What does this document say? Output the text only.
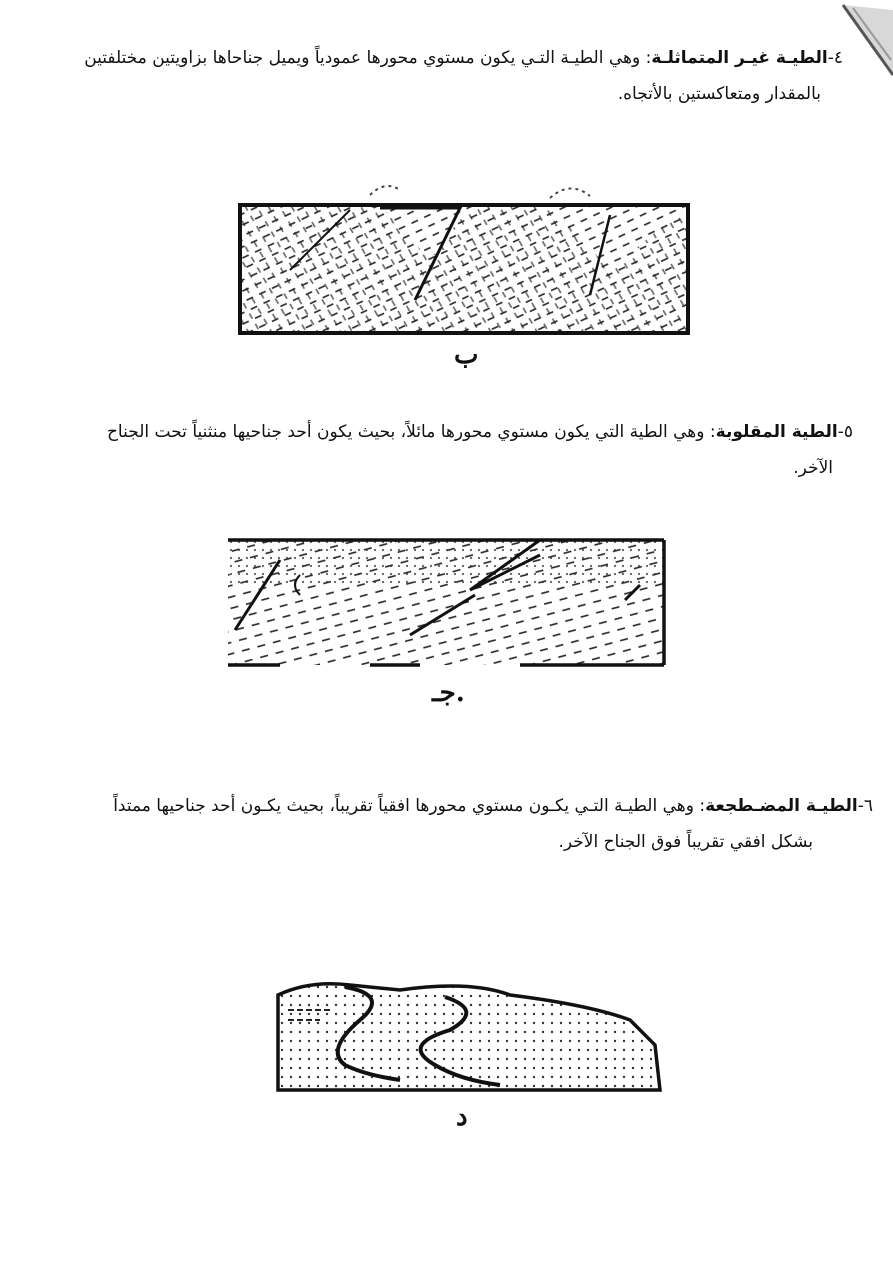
٤-الطيـة غيـر المتماثلـة: وهي الطيـة التـي يكون مستوي محورها عمودياً ويميل جناحاها بزاويتين مختلفتين
بالمقدار ومتعاكستين بالأتجاه.
ب
٥-الطية المقلوبة: وهي الطية التي يكون مستوي محورها مائلاً، بحيث يكون أحد جناحيها منثنياً تحت الجناح
الآخر.
جـ.
٦-الطيـة المضـطجعة: وهي الطيـة التـي يكـون مستوي محورها افقياً تقريباً، بحيث يكـون أحد جناحيها ممتداً
بشكل افقي تقريباً فوق الجناح الآخر.
د
